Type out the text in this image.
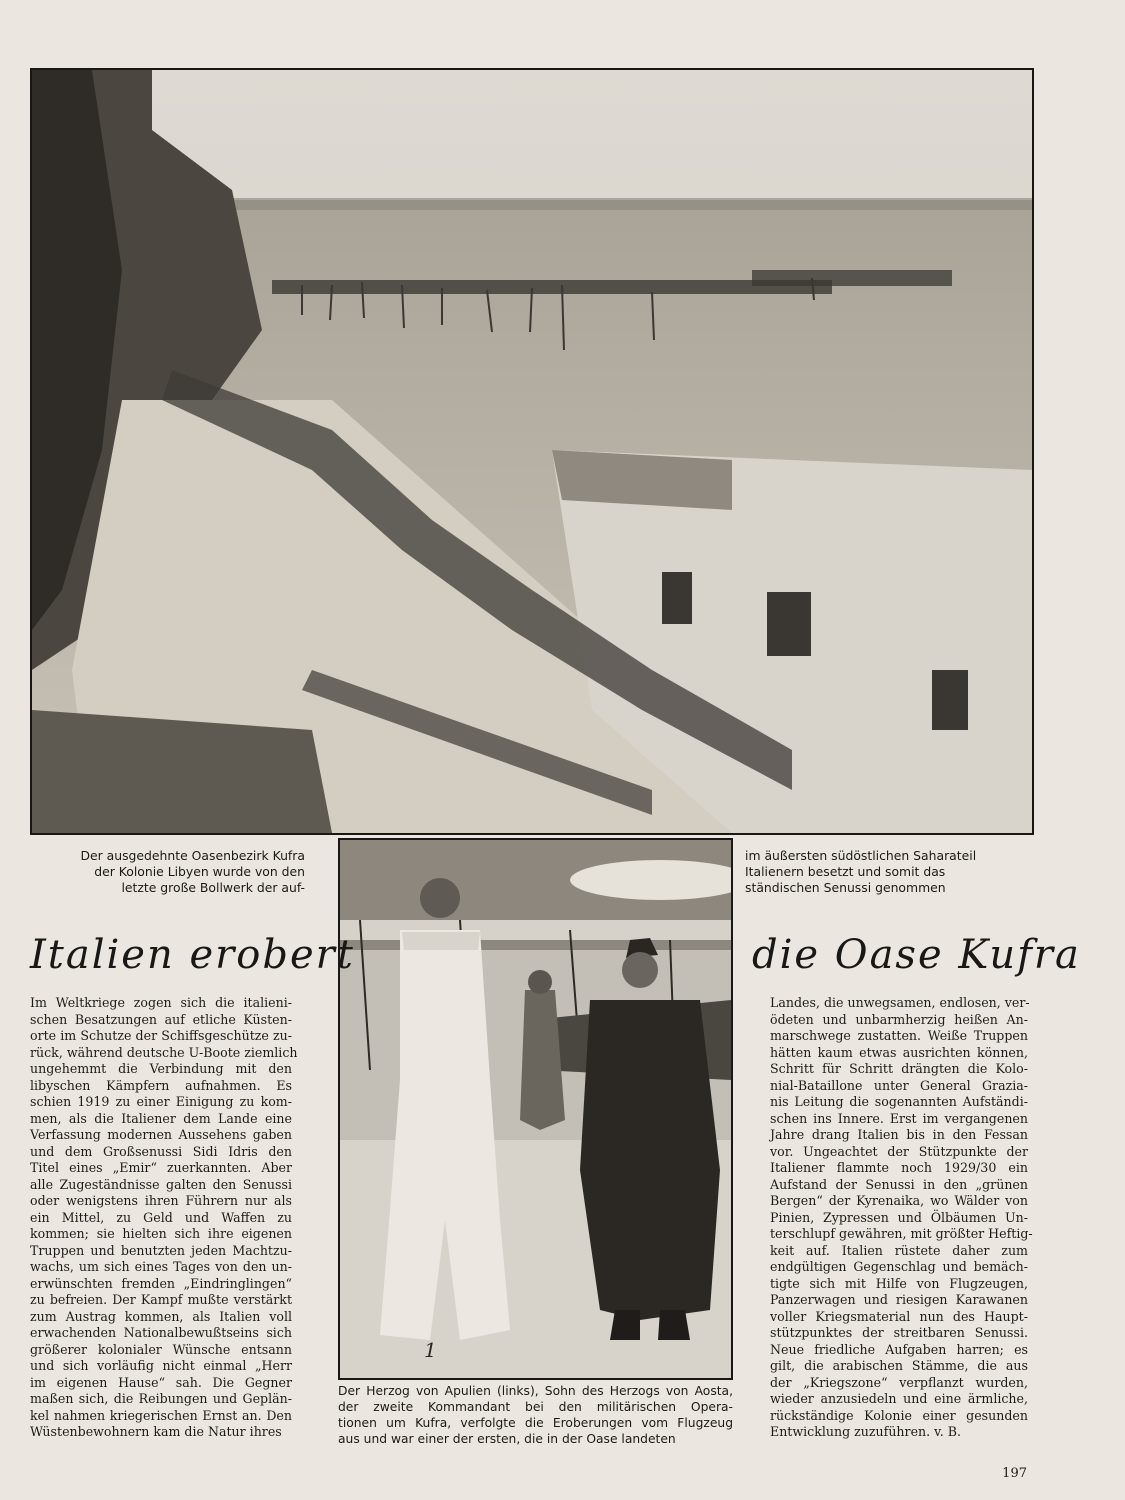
1
Der ausgedehnte Oasenbezirk Kufra
der Kolonie Libyen wurde von den
letzte große Bollwerk der auf-
im äußersten südöstlichen Saharateil
Italienern besetzt und somit das
ständischen Senussi genommen
Der Herzog von Apulien (links), Sohn des Herzogs von Aosta,
der zweite Kommandant bei den militärischen Opera-
tionen um Kufra, verfolgte die Eroberungen vom Flugzeug
aus und war einer der ersten, die in der Oase landeten
Italien erobert	die Oase Kufra
Im Weltkriege zogen sich die italieni-
schen Besatzungen auf etliche Küsten-
orte im Schutze der Schiffsgeschütze zu-
rück, während deutsche U-Boote ziemlich
ungehemmt die Verbindung mit den
libyschen Kämpfern aufnahmen. Es
schien 1919 zu einer Einigung zu kom-
men, als die Italiener dem Lande eine
Verfassung modernen Aussehens gaben
und dem Großsenussi Sidi Idris den
Titel eines „Emir“ zuerkannten. Aber
alle Zugeständnisse galten den Senussi
oder wenigstens ihren Führern nur als
ein Mittel, zu Geld und Waffen zu
kommen; sie hielten sich ihre eigenen
Truppen und benutzten jeden Machtzu-
wachs, um sich eines Tages von den un-
erwünschten fremden „Eindringlingen“
zu befreien. Der Kampf mußte verstärkt
zum Austrag kommen, als Italien voll
erwachenden Nationalbewußtseins sich
größerer kolonialer Wünsche entsann
und sich vorläufig nicht einmal „Herr
im eigenen Hause“ sah. Die Gegner
maßen sich, die Reibungen und Geplän-
kel nahmen kriegerischen Ernst an. Den
Wüstenbewohnern kam die Natur ihres
Landes, die unwegsamen, endlosen, ver-
ödeten und unbarmherzig heißen An-
marschwege zustatten. Weiße Truppen
hätten kaum etwas ausrichten können,
Schritt für Schritt drängten die Kolo-
nial-Bataillone unter General Grazia-
nis Leitung die sogenannten Aufständi-
schen ins Innere. Erst im vergangenen
Jahre drang Italien bis in den Fessan
vor. Ungeachtet der Stützpunkte der
Italiener flammte noch 1929/30 ein
Aufstand der Senussi in den „grünen
Bergen“ der Kyrenaika, wo Wälder von
Pinien, Zypressen und Ölbäumen Un-
terschlupf gewähren, mit größter Heftig-
keit auf. Italien rüstete daher zum
endgültigen Gegenschlag und bemäch-
tigte sich mit Hilfe von Flugzeugen,
Panzerwagen und riesigen Karawanen
voller Kriegsmaterial nun des Haupt-
stützpunktes der streitbaren Senussi.
Neue friedliche Aufgaben harren; es
gilt, die arabischen Stämme, die aus
der „Kriegszone“ verpflanzt wurden,
wieder anzusiedeln und eine ärmliche,
rückständige Kolonie einer gesunden
Entwicklung zuzuführen. v. B.
197
